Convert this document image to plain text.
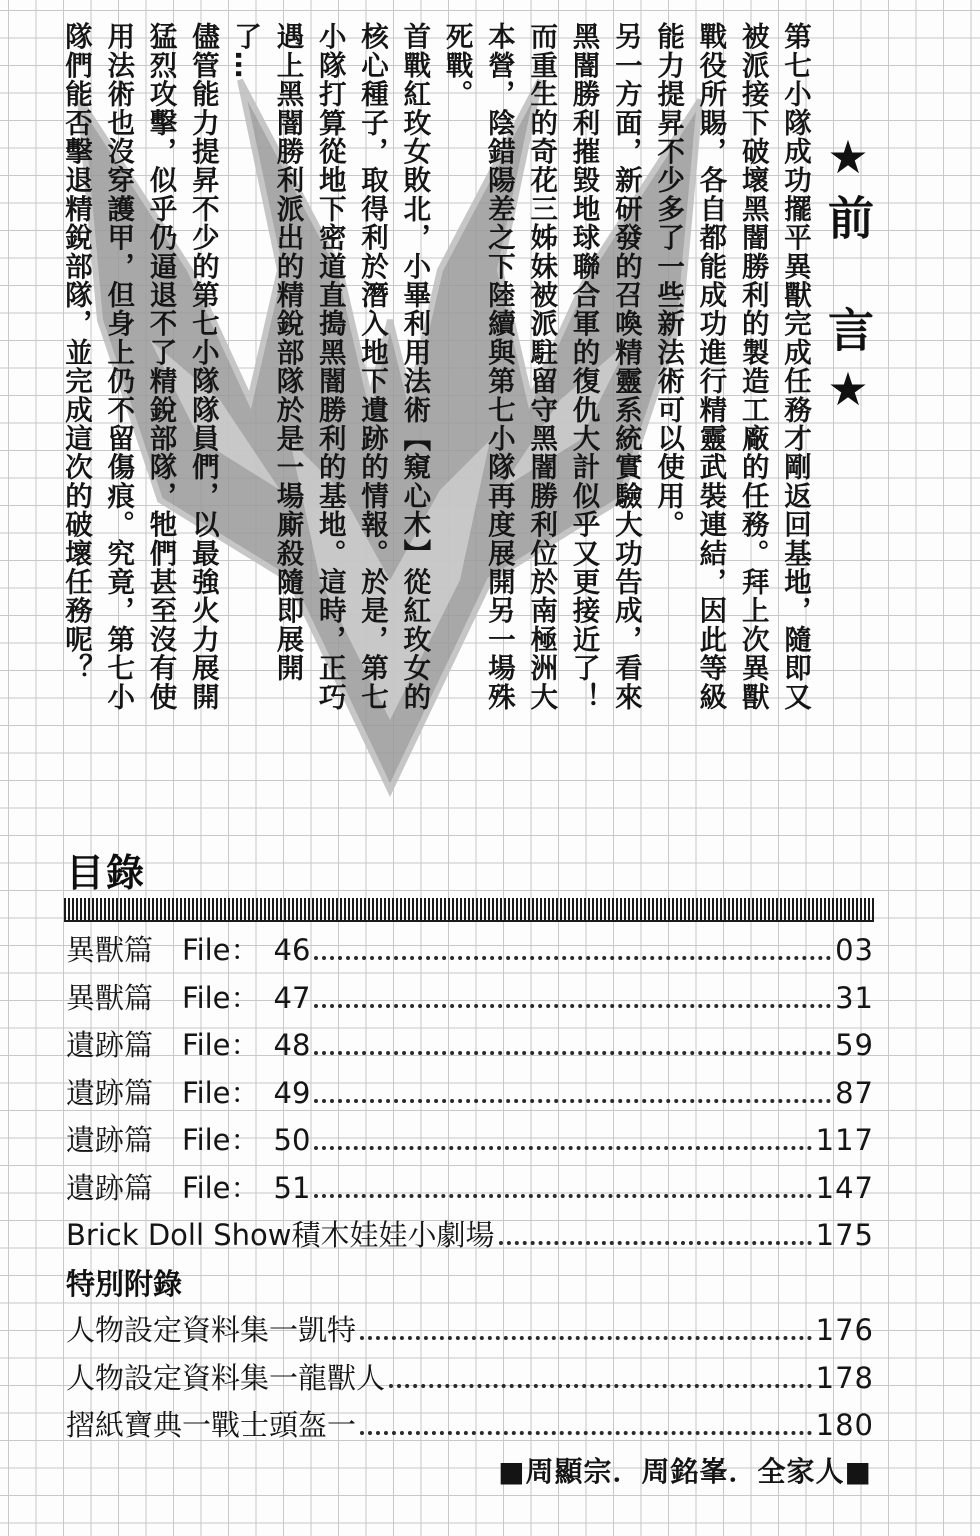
★前　言★

第七小隊成功擺平異獸完成任務才剛返回基地，隨即又被派接下破壞黑闇勝利的製造工廠的任務。拜上次異獸戰役所賜，各自都能成功進行精靈武裝連結，因此等級能力提昇不少多了一些新法術可以使用。

另一方面，新研發的召喚精靈系統實驗大功告成，看來黑闇勝利摧毀地球聯合軍的復仇大計似乎又更接近了！而重生的奇花三姊妹被派駐留守黑闇勝利位於南極洲大本營，陰錯陽差之下陸續與第七小隊再度展開另一場殊死戰。

首戰紅玫女敗北，小畢利用法術【窺心木】從紅玫女的核心種子，取得利於潛入地下遺跡的情報。於是，第七小隊打算從地下密道直搗黑闇勝利的基地。這時，正巧遇上黑闇勝利派出的精銳部隊於是一場廝殺隨即展開了…

儘管能力提昇不少的第七小隊隊員們，以最強火力展開猛烈攻擊，似乎仍逼退不了精銳部隊，牠們甚至沒有使用法術也沒穿護甲，但身上仍不留傷痕。究竟，第七小隊們能否擊退精銳部隊，並完成這次的破壞任務呢？

目錄
異獸篇　File： 46	03
異獸篇　File： 47	31
遺跡篇　File： 48	59
遺跡篇　File： 49	87
遺跡篇　File： 50	117
遺跡篇　File： 51	147
Brick Doll Show積木娃娃小劇場	175
特別附錄
人物設定資料集一凱特	176
人物設定資料集一龍獸人	178
摺紙寶典一戰士頭盔一	180
■周顯宗．周銘峯．全家人■
